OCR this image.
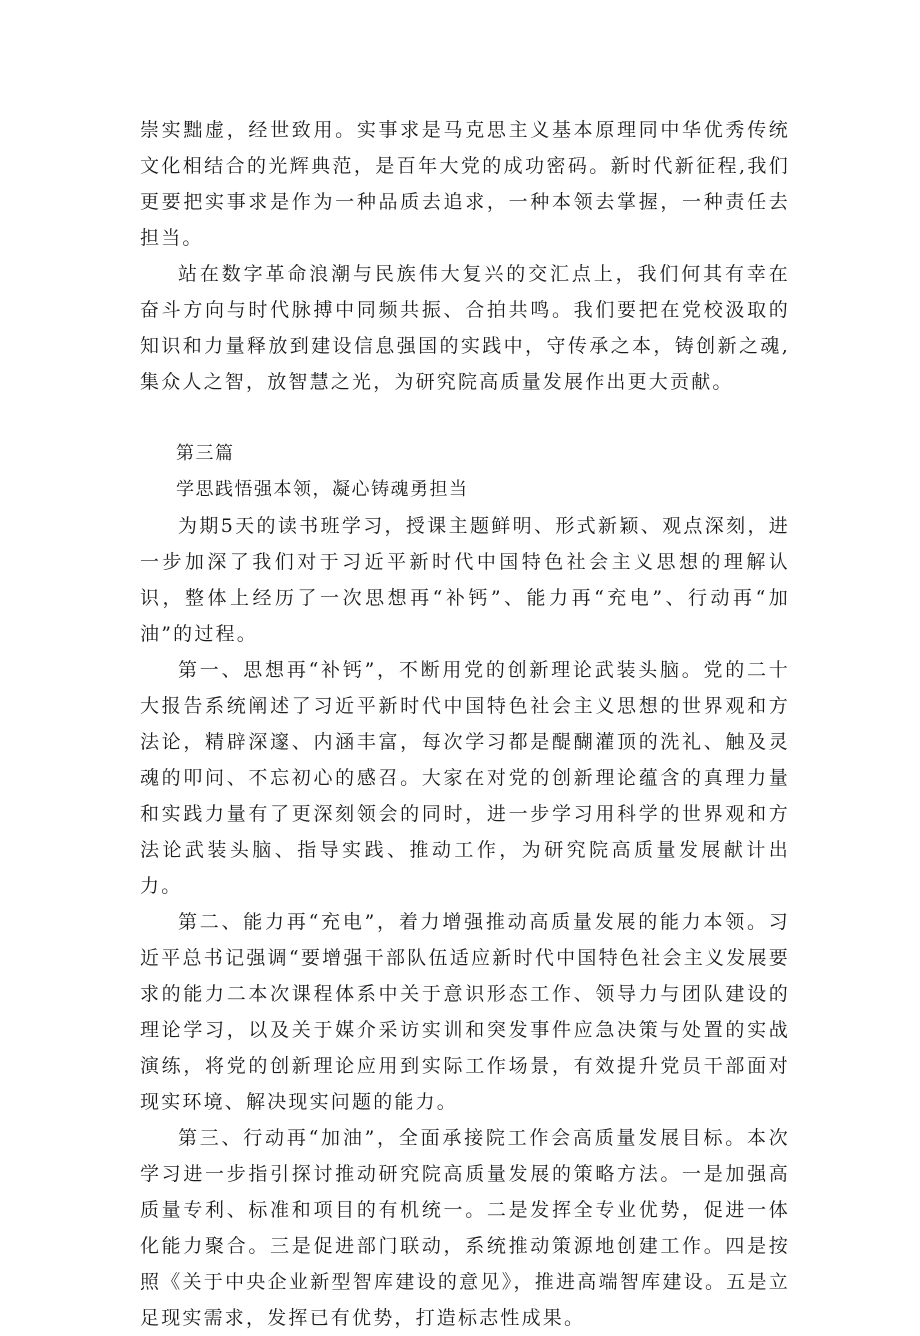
崇实黜虚，经世致用。实事求是马克思主义基本原理同中华优秀传统文化相结合的光辉典范，是百年大党的成功密码。新时代新征程,我们更要把实事求是作为一种品质去追求，一种本领去掌握，一种责任去担当。

站在数字革命浪潮与民族伟大复兴的交汇点上，我们何其有幸在奋斗方向与时代脉搏中同频共振、合拍共鸣。我们要把在党校汲取的知识和力量释放到建设信息强国的实践中，守传承之本，铸创新之魂,集众人之智，放智慧之光，为研究院高质量发展作出更大贡献。

第三篇

学思践悟强本领，凝心铸魂勇担当

为期5天的读书班学习，授课主题鲜明、形式新颖、观点深刻，进一步加深了我们对于习近平新时代中国特色社会主义思想的理解认识，整体上经历了一次思想再“补钙”、能力再“充电”、行动再“加油”的过程。

第一、思想再“补钙”，不断用党的创新理论武装头脑。党的二十大报告系统阐述了习近平新时代中国特色社会主义思想的世界观和方法论，精辟深邃、内涵丰富，每次学习都是醍醐灌顶的洗礼、触及灵魂的叩问、不忘初心的感召。大家在对党的创新理论蕴含的真理力量和实践力量有了更深刻领会的同时，进一步学习用科学的世界观和方法论武装头脑、指导实践、推动工作，为研究院高质量发展献计出力。

第二、能力再“充电”，着力增强推动高质量发展的能力本领。习近平总书记强调“要增强干部队伍适应新时代中国特色社会主义发展要求的能力二本次课程体系中关于意识形态工作、领导力与团队建设的理论学习，以及关于媒介采访实训和突发事件应急决策与处置的实战演练，将党的创新理论应用到实际工作场景，有效提升党员干部面对现实环境、解决现实问题的能力。

第三、行动再“加油”，全面承接院工作会高质量发展目标。本次学习进一步指引探讨推动研究院高质量发展的策略方法。一是加强高质量专利、标准和项目的有机统一。二是发挥全专业优势，促进一体化能力聚合。三是促进部门联动，系统推动策源地创建工作。四是按照《关于中央企业新型智库建设的意见》，推进高端智库建设。五是立足现实需求，发挥已有优势，打造标志性成果。
